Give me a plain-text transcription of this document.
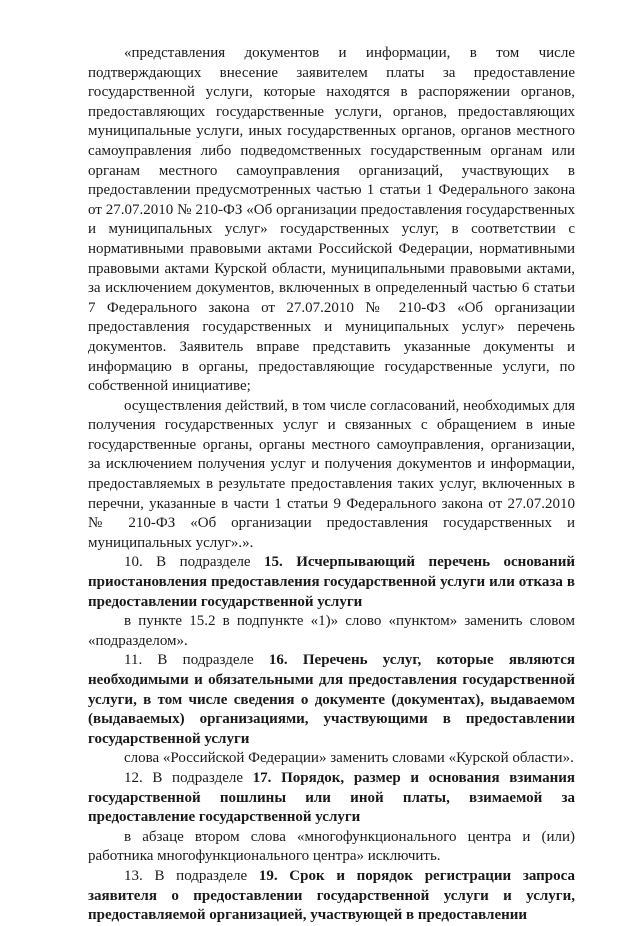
«представления документов и информации, в том числе подтверждающих внесение заявителем платы за предоставление государственной услуги, которые находятся в распоряжении органов, предоставляющих государственные услуги, органов, предоставляющих муниципальные услуги, иных государственных органов, органов местного самоуправления либо подведомственных государственным органам или органам местного самоуправления организаций, участвующих в предоставлении предусмотренных частью 1 статьи 1 Федерального закона от 27.07.2010 № 210-ФЗ «Об организации предоставления государственных и муниципальных услуг» государственных услуг, в соответствии с нормативными правовыми актами Российской Федерации, нормативными правовыми актами Курской области, муниципальными правовыми актами, за исключением документов, включенных в определенный частью 6 статьи 7 Федерального закона от 27.07.2010 № 210-ФЗ «Об организации предоставления государственных и муниципальных услуг» перечень документов. Заявитель вправе представить указанные документы и информацию в органы, предоставляющие государственные услуги, по собственной инициативе;

осуществления действий, в том числе согласований, необходимых для получения государственных услуг и связанных с обращением в иные государственные органы, органы местного самоуправления, организации, за исключением получения услуг и получения документов и информации, предоставляемых в результате предоставления таких услуг, включенных в перечни, указанные в части 1 статьи 9 Федерального закона от 27.07.2010 № 210-ФЗ «Об организации предоставления государственных и муниципальных услуг».».

10. В подразделе 15. Исчерпывающий перечень оснований приостановления предоставления государственной услуги или отказа в предоставлении государственной услуги

в пункте 15.2 в подпункте «1)» слово «пунктом» заменить словом «подразделом».

11. В подразделе 16. Перечень услуг, которые являются необходимыми и обязательными для предоставления государственной услуги, в том числе сведения о документе (документах), выдаваемом (выдаваемых) организациями, участвующими в предоставлении государственной услуги

слова «Российской Федерации» заменить словами «Курской области».

12. В подразделе 17. Порядок, размер и основания взимания государственной пошлины или иной платы, взимаемой за предоставление государственной услуги

в абзаце втором слова «многофункционального центра и (или) работника многофункционального центра» исключить.

13. В подразделе 19. Срок и порядок регистрации запроса заявителя о предоставлении государственной услуги и услуги, предоставляемой организацией, участвующей в предоставлении
